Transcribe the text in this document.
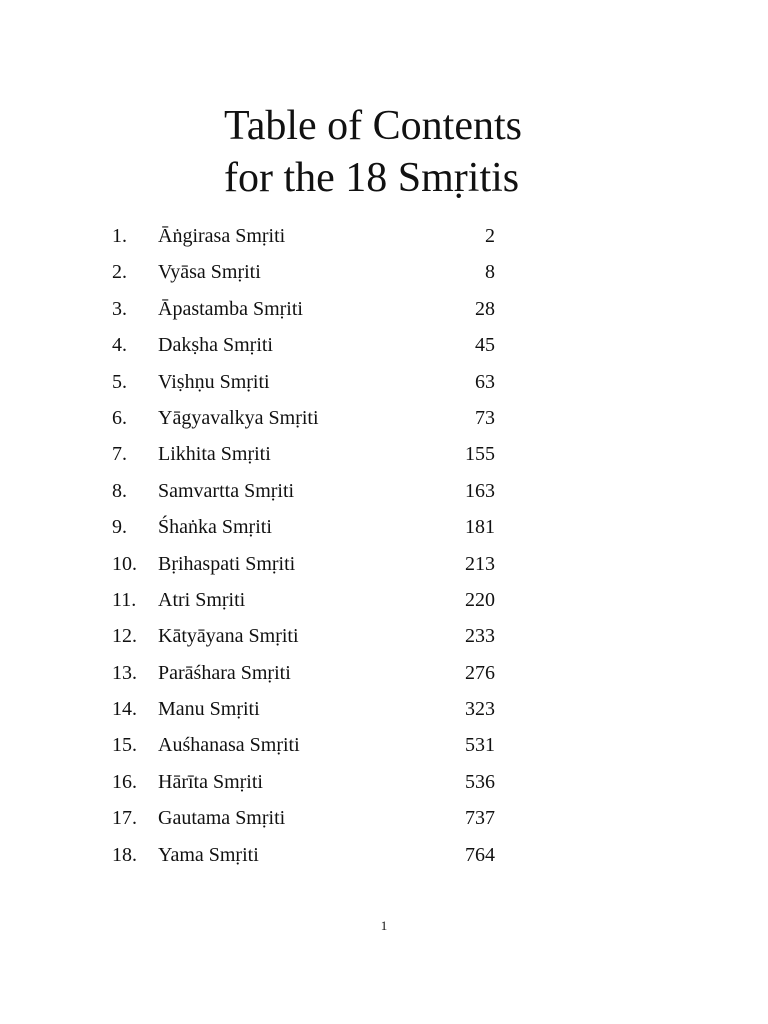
Table of Contents
for the 18 Smṛitis
1.	Āṅgirasa Smṛiti	2
2.	Vyāsa Smṛiti	8
3.	Āpastamba Smṛiti	28
4.	Dakṣha Smṛiti	45
5.	Viṣhṇu Smṛiti	63
6.	Yāgyavalkya Smṛiti	73
7.	Likhita Smṛiti	155
8.	Samvartta Smṛiti	163
9.	Śhaṅka Smṛiti	181
10.	Bṛihaspati Smṛiti	213
11.	Atri Smṛiti	220
12.	Kātyāyana Smṛiti	233
13.	Parāśhara Smṛiti	276
14.	Manu Smṛiti	323
15.	Auśhanasa Smṛiti	531
16.	Hārīta Smṛiti	536
17.	Gautama Smṛiti	737
18.	Yama Smṛiti	764
1
